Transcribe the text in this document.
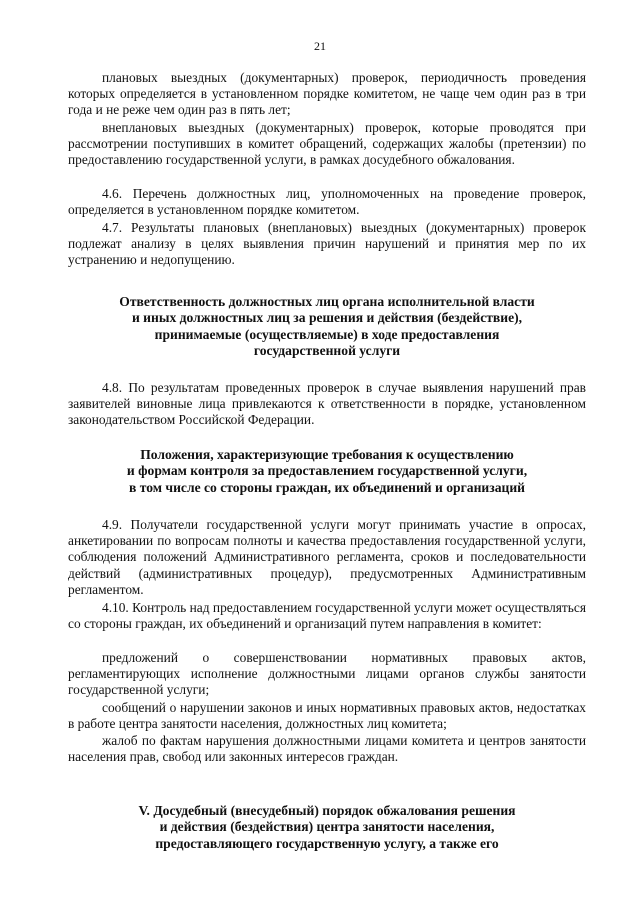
21

плановых выездных (документарных) проверок, периодичность проведения которых определяется в установленном порядке комитетом, не чаще чем один раз в три года и не реже чем один раз в пять лет;

внеплановых выездных (документарных) проверок, которые проводятся при рассмотрении поступивших в комитет обращений, содержащих жалобы (претензии) по предоставлению государственной услуги, в рамках досудебного обжалования.

4.6. Перечень должностных лиц, уполномоченных на проведение проверок, определяется в установленном порядке комитетом.

4.7. Результаты плановых (внеплановых) выездных (документарных) проверок подлежат анализу в целях выявления причин нарушений и принятия мер по их устранению и недопущению.

Ответственность должностных лиц органа исполнительной власти
и иных должностных лиц за решения и действия (бездействие),
принимаемые (осуществляемые) в ходе предоставления
государственной услуги

4.8. По результатам проведенных проверок в случае выявления нарушений прав заявителей виновные лица привлекаются к ответственности в порядке, установленном законодательством Российской Федерации.

Положения, характеризующие требования к осуществлению
и формам контроля за предоставлением государственной услуги,
в том числе со стороны граждан, их объединений и организаций

4.9. Получатели государственной услуги могут принимать участие в опросах, анкетировании по вопросам полноты и качества предоставления государственной услуги, соблюдения положений Административного регламента, сроков и последовательности действий (административных процедур), предусмотренных Административным регламентом.

4.10. Контроль над предоставлением государственной услуги может осуществляться со стороны граждан, их объединений и организаций путем направления в комитет:

предложений о совершенствовании нормативных правовых актов, регламентирующих исполнение должностными лицами органов службы занятости государственной услуги;

сообщений о нарушении законов и иных нормативных правовых актов, недостатках в работе центра занятости населения, должностных лиц комитета;

жалоб по фактам нарушения должностными лицами комитета и центров занятости населения прав, свобод или законных интересов граждан.

V. Досудебный (внесудебный) порядок обжалования решения
и действия (бездействия) центра занятости населения,
предоставляющего государственную услугу, а также его
